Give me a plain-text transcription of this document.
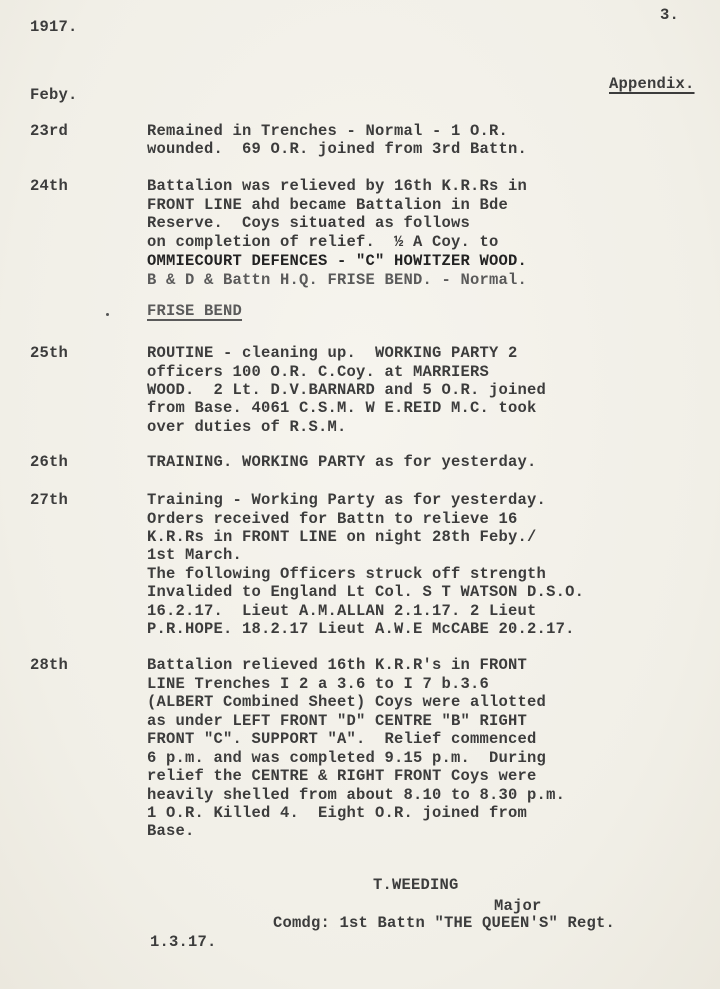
1917.
3.
Appendix.
Feby.
23rd	Remained in Trenches - Normal - 1 O.R.
wounded.  69 O.R. joined from 3rd Battn.
24th	Battalion was relieved by 16th K.R.Rs in
FRONT LINE ahd became Battalion in Bde
Reserve.  Coys situated as follows
on completion of relief.  ½ A Coy. to
OMMIECOURT DEFENCES - "C" HOWITZER WOOD.
B & D & Battn H.Q. FRISE BEND. - Normal.
FRISE BEND
25th	ROUTINE - cleaning up.  WORKING PARTY 2
officers 100 O.R. C.Coy. at MARRIERS
WOOD.  2 Lt. D.V.BARNARD and 5 O.R. joined
from Base. 4061 C.S.M. W E.REID M.C. took
over duties of R.S.M.
26th	TRAINING. WORKING PARTY as for yesterday.
27th	Training - Working Party as for yesterday.
Orders received for Battn to relieve 16
K.R.Rs in FRONT LINE on night 28th Feby./
1st March.
The following Officers struck off strength
Invalided to England Lt Col. S T WATSON D.S.O.
16.2.17.  Lieut A.M.ALLAN 2.1.17. 2 Lieut
P.R.HOPE. 18.2.17 Lieut A.W.E McCABE 20.2.17.
28th	Battalion relieved 16th K.R.R's in FRONT
LINE Trenches I 2 a 3.6 to I 7 b.3.6
(ALBERT Combined Sheet) Coys were allotted
as under LEFT FRONT "D" CENTRE "B" RIGHT
FRONT "C". SUPPORT "A".  Relief commenced
6 p.m. and was completed 9.15 p.m.  During
relief the CENTRE & RIGHT FRONT Coys were
heavily shelled from about 8.10 to 8.30 p.m.
1 O.R. Killed 4.  Eight O.R. joined from
Base.
T.WEEDING
Major
Comdg: 1st Battn "THE QUEEN'S" Regt.
1.3.17.
